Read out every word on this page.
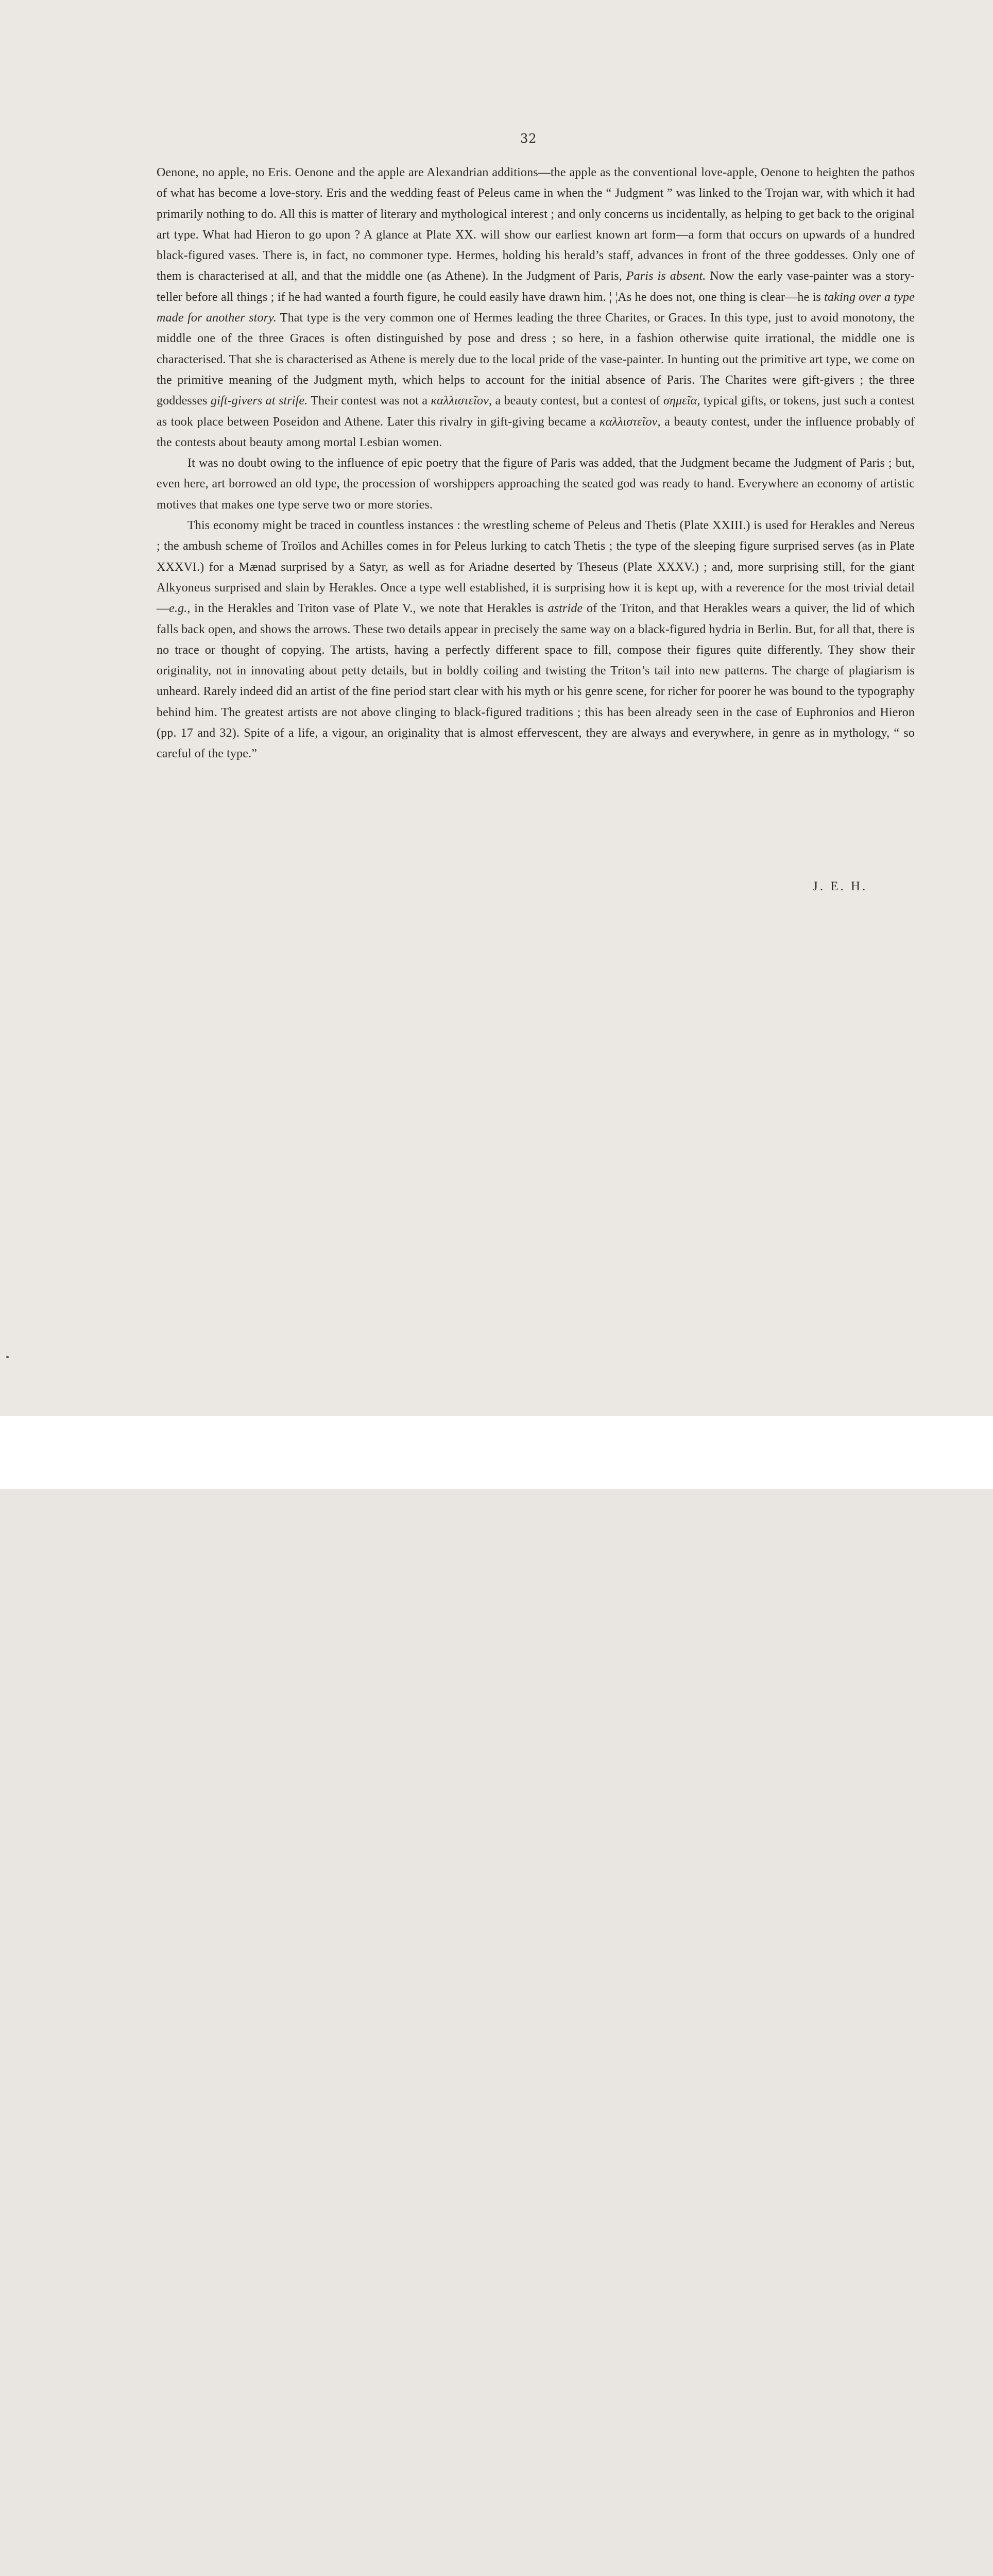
32

Oenone, no apple, no Eris. Oenone and the apple are Alexandrian additions—the apple as the conventional love-apple, Oenone to heighten the pathos of what has become a love-story. Eris and the wedding feast of Peleus came in when the “ Judgment ” was linked to the Trojan war, with which it had primarily nothing to do. All this is matter of literary and mythological interest ; and only concerns us incidentally, as helping to get back to the original art type. What had Hieron to go upon ? A glance at Plate XX. will show our earliest known art form—a form that occurs on upwards of a hundred black-figured vases. There is, in fact, no commoner type. Hermes, holding his herald’s staff, advances in front of the three goddesses. Only one of them is characterised at all, and that the middle one (as Athene). In the Judgment of Paris, Paris is absent. Now the early vase-painter was a story-teller before all things ; if he had wanted a fourth figure, he could easily have drawn him. ¦ ¦As he does not, one thing is clear—he is taking over a type made for another story. That type is the very common one of Hermes leading the three Charites, or Graces. In this type, just to avoid monotony, the middle one of the three Graces is often distinguished by pose and dress ; so here, in a fashion otherwise quite irrational, the middle one is characterised. That she is characterised as Athene is merely due to the local pride of the vase-painter. In hunting out the primitive art type, we come on the primitive meaning of the Judgment myth, which helps to account for the initial absence of Paris. The Charites were gift-givers ; the three goddesses gift-givers at strife. Their contest was not a καλλιστεῖον, a beauty contest, but a contest of σημεῖα, typical gifts, or tokens, just such a contest as took place between Poseidon and Athene. Later this rivalry in gift-giving became a καλλιστεῖον, a beauty contest, under the influence probably of the contests about beauty among mortal Lesbian women.

It was no doubt owing to the influence of epic poetry that the figure of Paris was added, that the Judgment became the Judgment of Paris ; but, even here, art borrowed an old type, the procession of worshippers approaching the seated god was ready to hand. Everywhere an economy of artistic motives that makes one type serve two or more stories.

This economy might be traced in countless instances : the wrestling scheme of Peleus and Thetis (Plate XXIII.) is used for Herakles and Nereus ; the ambush scheme of Troïlos and Achilles comes in for Peleus lurking to catch Thetis ; the type of the sleeping figure surprised serves (as in Plate XXXVI.) for a Mænad surprised by a Satyr, as well as for Ariadne deserted by Theseus (Plate XXXV.) ; and, more surprising still, for the giant Alkyoneus surprised and slain by Herakles. Once a type well established, it is surprising how it is kept up, with a reverence for the most trivial detail—e.g., in the Herakles and Triton vase of Plate V., we note that Herakles is astride of the Triton, and that Herakles wears a quiver, the lid of which falls back open, and shows the arrows. These two details appear in precisely the same way on a black-figured hydria in Berlin. But, for all that, there is no trace or thought of copying. The artists, having a perfectly different space to fill, compose their figures quite differently. They show their originality, not in innovating about petty details, but in boldly coiling and twisting the Triton’s tail into new patterns. The charge of plagiarism is unheard. Rarely indeed did an artist of the fine period start clear with his myth or his genre scene, for richer for poorer he was bound to the typography behind him. The greatest artists are not above clinging to black-figured traditions ; this has been already seen in the case of Euphronios and Hieron (pp. 17 and 32). Spite of a life, a vigour, an originality that is almost effervescent, they are always and everywhere, in genre as in mythology, “ so careful of the type.”

J. E. H.
